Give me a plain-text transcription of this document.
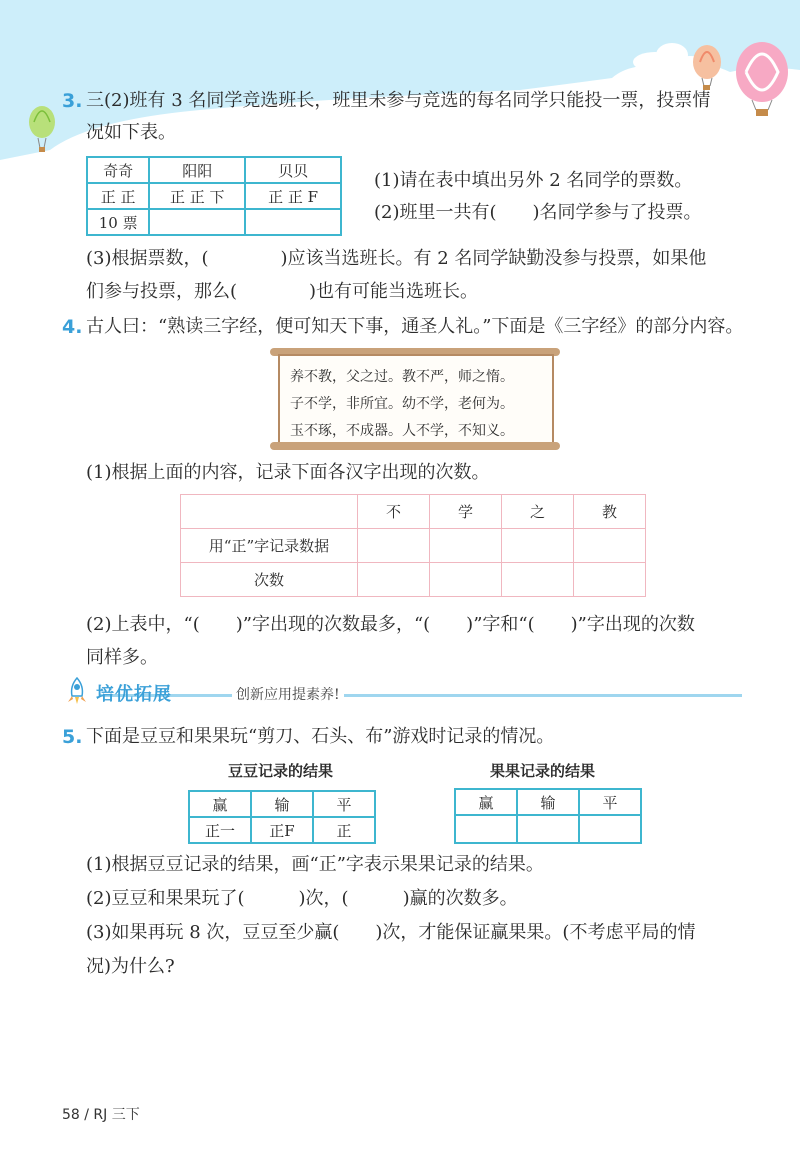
3. 三(2)班有 3 名同学竞选班长，班里未参与竞选的每名同学只能投一票，投票情
况如下表。
奇奇	阳阳	贝贝
正 正	正 正 下	正 正 F
10 票		
(1)请在表中填出另外 2 名同学的票数。
(2)班里一共有(　　)名同学参与了投票。
(3)根据票数，(　　　　)应该当选班长。有 2 名同学缺勤没参与投票，如果他
们参与投票，那么(　　　　)也有可能当选班长。
4. 古人曰：“熟读三字经，便可知天下事，通圣人礼。”下面是《三字经》的部分内容。
养不教，父之过。教不严，师之惰。
子不学，非所宜。幼不学，老何为。
玉不琢，不成器。人不学，不知义。
(1)根据上面的内容，记录下面各汉字出现的次数。
	不	学	之	教
用“正”字记录数据				
次数				
(2)上表中，“(　　)”字出现的次数最多，“(　　)”字和“(　　)”字出现的次数
同样多。
培优拓展	创新应用提素养!
5. 下面是豆豆和果果玩“剪刀、石头、布”游戏时记录的情况。
豆豆记录的结果	果果记录的结果
赢	输	平
正一	正F	正
赢	输	平

(1)根据豆豆记录的结果，画“正”字表示果果记录的结果。
(2)豆豆和果果玩了(　　　)次，(　　　)赢的次数多。
(3)如果再玩 8 次，豆豆至少赢(　　)次，才能保证赢果果。(不考虑平局的情
况)为什么?
58 / RJ 三下
